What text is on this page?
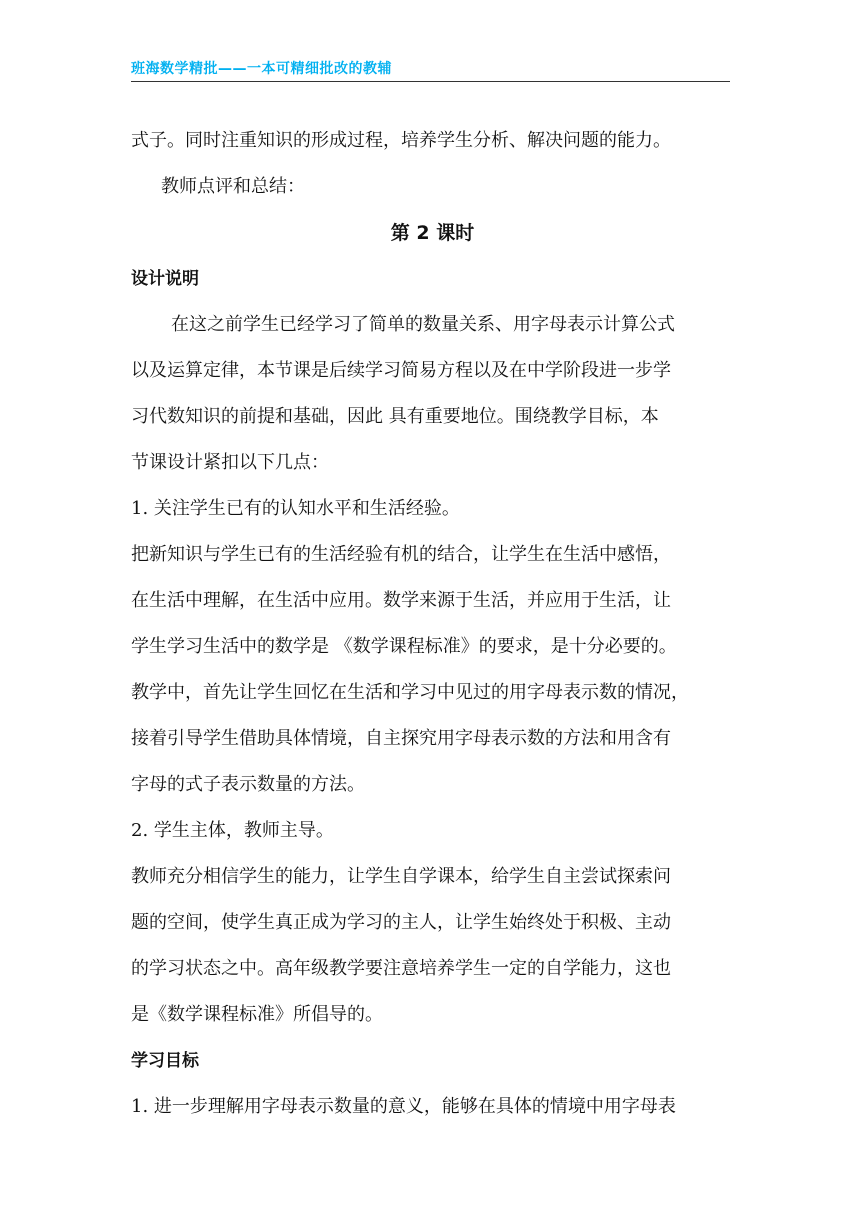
班海数学精批——一本可精细批改的教辅

式子。同时注重知识的形成过程，培养学生分析、解决问题的能力。

教师点评和总结：

第 2 课时

设计说明

在这之前学生已经学习了简单的数量关系、用字母表示计算公式

以及运算定律，本节课是后续学习简易方程以及在中学阶段进一步学

习代数知识的前提和基础，因此 具有重要地位。围绕教学目标，本

节课设计紧扣以下几点：

1. 关注学生已有的认知水平和生活经验。

把新知识与学生已有的生活经验有机的结合，让学生在生活中感悟，

在生活中理解，在生活中应用。数学来源于生活，并应用于生活，让

学生学习生活中的数学是 《数学课程标准》的要求，是十分必要的。

教学中，首先让学生回忆在生活和学习中见过的用字母表示数的情况，

接着引导学生借助具体情境，自主探究用字母表示数的方法和用含有

字母的式子表示数量的方法。

2. 学生主体，教师主导。

教师充分相信学生的能力，让学生自学课本，给学生自主尝试探索问

题的空间，使学生真正成为学习的主人，让学生始终处于积极、主动

的学习状态之中。高年级教学要注意培养学生一定的自学能力，这也

是《数学课程标准》所倡导的。

学习目标

1. 进一步理解用字母表示数量的意义，能够在具体的情境中用字母表
